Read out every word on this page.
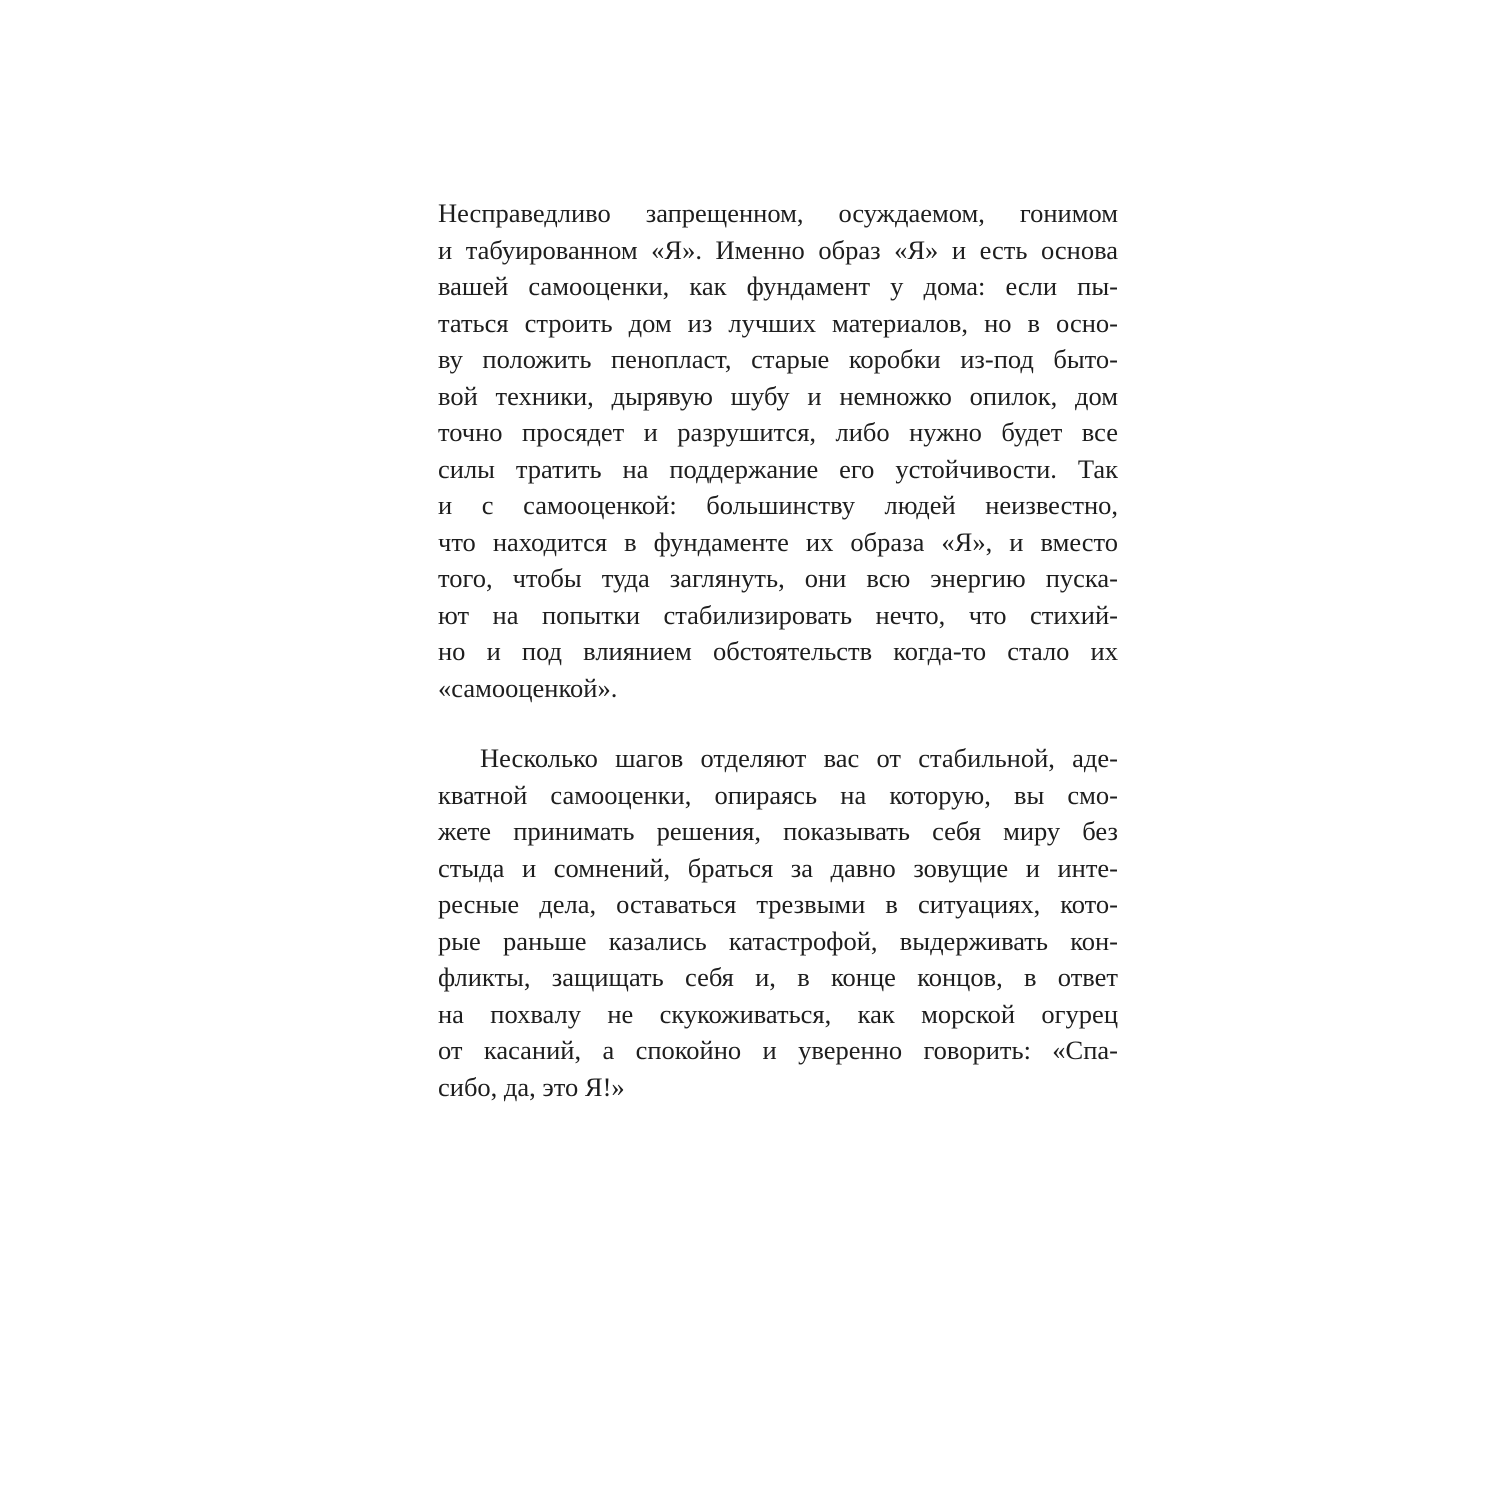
Несправедливо запрещенном, осуждаемом, гонимом
и табуированном «Я». Именно образ «Я» и есть основа
вашей самооценки, как фундамент у дома: если пы-
таться строить дом из лучших материалов, но в осно-
ву положить пенопласт, старые коробки из-под быто-
вой техники, дырявую шубу и немножко опилок, дом
точно просядет и разрушится, либо нужно будет все
силы тратить на поддержание его устойчивости. Так
и с самооценкой: большинству людей неизвестно,
что находится в фундаменте их образа «Я», и вместо
того, чтобы туда заглянуть, они всю энергию пуска-
ют на попытки стабилизировать нечто, что стихий-
но и под влиянием обстоятельств когда-то стало их
«самооценкой».
Несколько шагов отделяют вас от стабильной, аде-
кватной самооценки, опираясь на которую, вы смо-
жете принимать решения, показывать себя миру без
стыда и сомнений, браться за давно зовущие и инте-
ресные дела, оставаться трезвыми в ситуациях, кото-
рые раньше казались катастрофой, выдерживать кон-
фликты, защищать себя и, в конце концов, в ответ
на похвалу не скукоживаться, как морской огурец
от касаний, а спокойно и уверенно говорить: «Спа-
сибо, да, это Я!»
